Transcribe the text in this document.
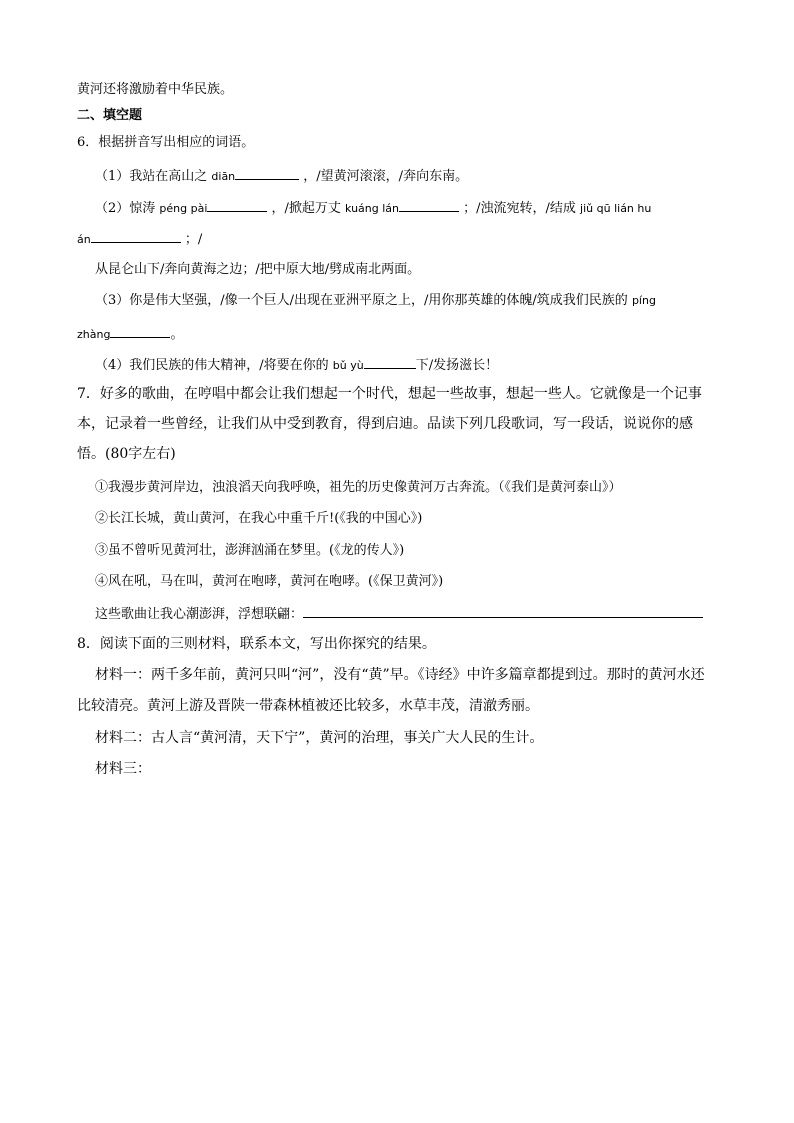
黄河还将激励着中华民族。
二、填空题
6．根据拼音写出相应的词语。
（1）我站在高山之 diān	，/望黄河滚滚，/奔向东南。
（2）惊涛 péng pài	，/掀起万丈 kuáng lán	；/浊流宛转，/结成 jiǔ qū lián hu
án	；/
从昆仑山下/奔向黄海之边；/把中原大地/劈成南北两面。
（3）你是伟大坚强，/像一个巨人/出现在亚洲平原之上，/用你那英雄的体魄/筑成我们民族的 píng
zhàng	。
（4）我们民族的伟大精神，/将要在你的 bǔ yù	下/发扬滋长！
7．好多的歌曲，在哼唱中都会让我们想起一个时代，想起一些故事，想起一些人。它就像是一个记事
本，记录着一些曾经，让我们从中受到教育，得到启迪。品读下列几段歌词，写一段话，说说你的感
悟。(80字左右)
①我漫步黄河岸边，浊浪滔天向我呼唤，祖先的历史像黄河万古奔流。（《我们是黄河泰山》）
②长江长城，黄山黄河，在我心中重千斤!(《我的中国心》)
③虽不曾听见黄河壮，澎湃汹涌在梦里。(《龙的传人》)
④风在吼，马在叫，黄河在咆哮，黄河在咆哮。(《保卫黄河》)
这些歌曲让我心潮澎湃，浮想联翩：
8．阅读下面的三则材料，联系本文，写出你探究的结果。
材料一：两千多年前，黄河只叫“河”，没有“黄”早。《诗经》中许多篇章都提到过。那时的黄河水还
比较清亮。黄河上游及晋陕一带森林植被还比较多，水草丰茂，清澈秀丽。
材料二：古人言“黄河清，天下宁”，黄河的治理，事关广大人民的生计。
材料三：
